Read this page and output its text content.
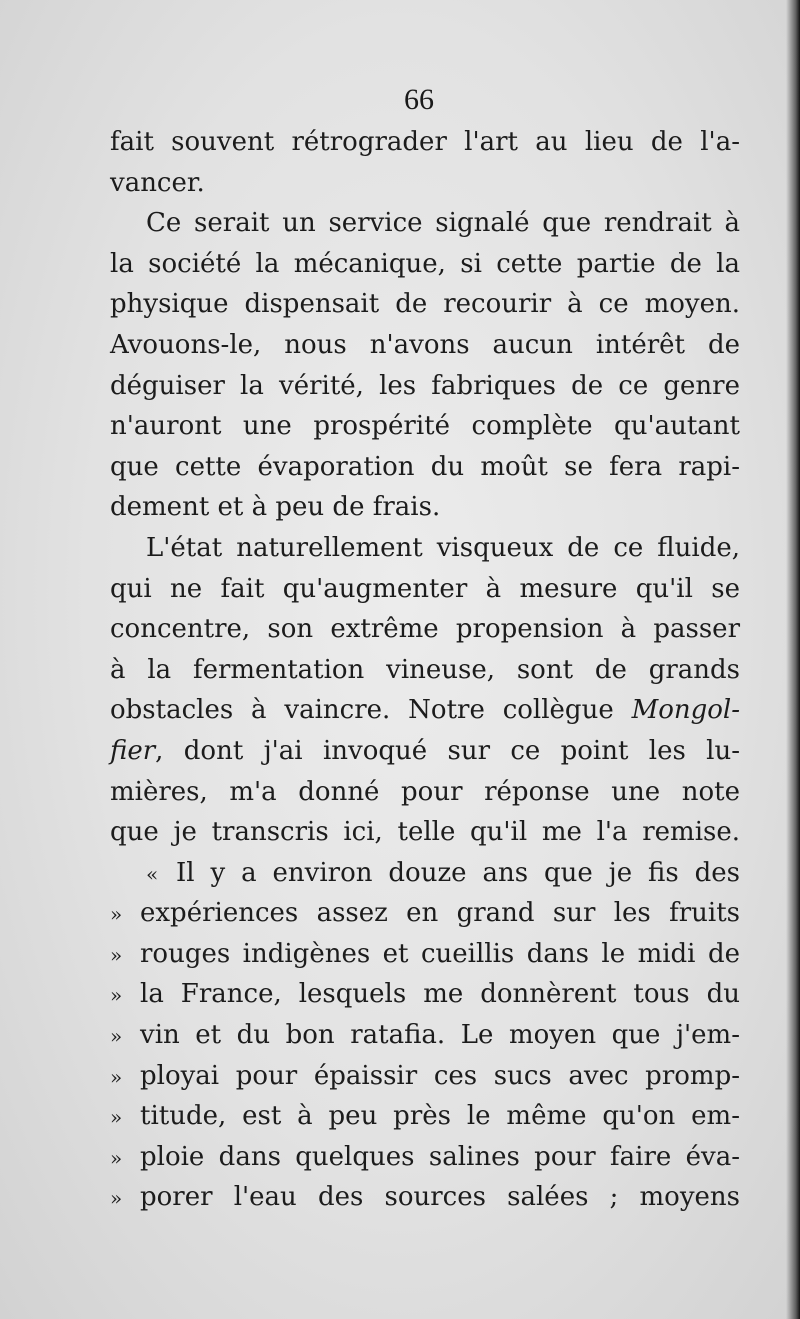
66
fait souvent rétrograder l'art au lieu de l'a-
vancer.
Ce serait un service signalé que rendrait à
la société la mécanique, si cette partie de la
physique dispensait de recourir à ce moyen.
Avouons-le, nous n'avons aucun intérêt de
déguiser la vérité, les fabriques de ce genre
n'auront une prospérité complète qu'autant
que cette évaporation du moût se fera rapi-
dement et à peu de frais.
L'état naturellement visqueux de ce fluide,
qui ne fait qu'augmenter à mesure qu'il se
concentre, son extrême propension à passer
à la fermentation vineuse, sont de grands
obstacles à vaincre. Notre collègue Mongol-
fier, dont j'ai invoqué sur ce point les lu-
mières, m'a donné pour réponse une note
que je transcris ici, telle qu'il me l'a remise.
« Il y a environ douze ans que je fis des
» expériences assez en grand sur les fruits
» rouges indigènes et cueillis dans le midi de
» la France, lesquels me donnèrent tous du
» vin et du bon ratafia. Le moyen que j'em-
» ployai pour épaissir ces sucs avec promp-
» titude, est à peu près le même qu'on em-
» ploie dans quelques salines pour faire éva-
» porer l'eau des sources salées ; moyens
